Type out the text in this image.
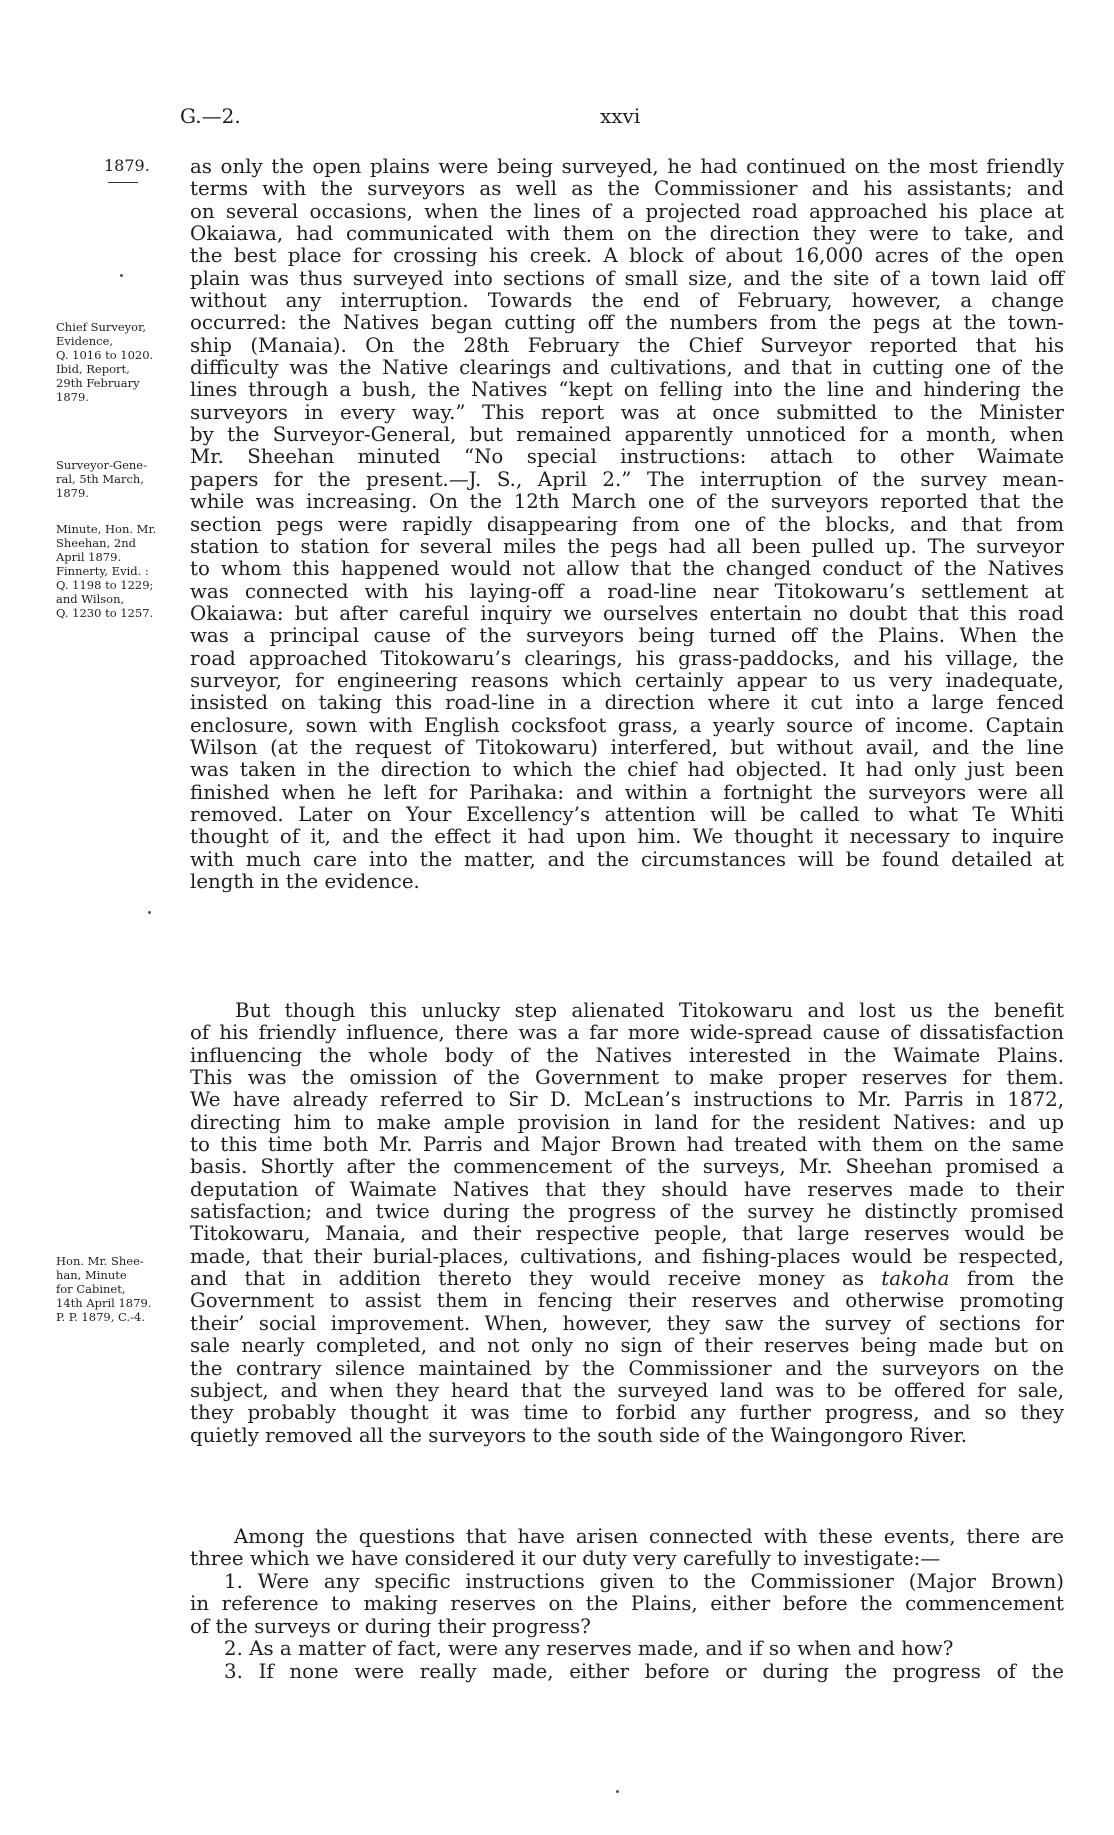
G.—2.	xxvi
1879.
Chief Surveyor,
Evidence,
Q. 1016 to 1020.
Ibid, Report,
29th February
1879.
Surveyor-Gene-
ral, 5th March,
1879.
Minute, Hon. Mr.
Sheehan, 2nd
April 1879.
Finnerty, Evid. :
Q. 1198 to 1229;
and Wilson,
Q. 1230 to 1257.
Hon. Mr. Shee-
han, Minute
for Cabinet,
14th April 1879.
P. P. 1879, C.-4.
as only the open plains were being surveyed, he had continued on the most friendly
terms with the surveyors as well as the Commissioner and his assistants; and
on several occasions, when the lines of a projected road approached his place at
Okaiawa, had communicated with them on the direction they were to take, and
the best place for crossing his creek. A block of about 16,000 acres of the open
plain was thus surveyed into sections of small size, and the site of a town laid off
without any interruption. Towards the end of February, however, a change
occurred: the Natives began cutting off the numbers from the pegs at the town-
ship (Manaia). On the 28th February the Chief Surveyor reported that his
difficulty was the Native clearings and cultivations, and that in cutting one of the
lines through a bush, the Natives “kept on felling into the line and hindering the
surveyors in every way.” This report was at once submitted to the Minister
by the Surveyor-General, but remained apparently unnoticed for a month, when
Mr. Sheehan minuted “No special instructions: attach to other Waimate
papers for the present.—J. S., April 2.” The interruption of the survey mean-
while was increasing. On the 12th March one of the surveyors reported that the
section pegs were rapidly disappearing from one of the blocks, and that from
station to station for several miles the pegs had all been pulled up. The surveyor
to whom this happened would not allow that the changed conduct of the Natives
was connected with his laying-off a road-line near Titokowaru’s settlement at
Okaiawa: but after careful inquiry we ourselves entertain no doubt that this road
was a principal cause of the surveyors being turned off the Plains. When the
road approached Titokowaru’s clearings, his grass-paddocks, and his village, the
surveyor, for engineering reasons which certainly appear to us very inadequate,
insisted on taking this road-line in a direction where it cut into a large fenced
enclosure, sown with English cocksfoot grass, a yearly source of income. Captain
Wilson (at the request of Titokowaru) interfered, but without avail, and the line
was taken in the direction to which the chief had objected. It had only just been
finished when he left for Parihaka: and within a fortnight the surveyors were all
removed. Later on Your Excellency’s attention will be called to what Te Whiti
thought of it, and the effect it had upon him. We thought it necessary to inquire
with much care into the matter, and the circumstances will be found detailed at
length in the evidence.
But though this unlucky step alienated Titokowaru and lost us the benefit
of his friendly influence, there was a far more wide-spread cause of dissatisfaction
influencing the whole body of the Natives interested in the Waimate Plains.
This was the omission of the Government to make proper reserves for them.
We have already referred to Sir D. McLean’s instructions to Mr. Parris in 1872,
directing him to make ample provision in land for the resident Natives: and up
to this time both Mr. Parris and Major Brown had treated with them on the same
basis. Shortly after the commencement of the surveys, Mr. Sheehan promised a
deputation of Waimate Natives that they should have reserves made to their
satisfaction; and twice during the progress of the survey he distinctly promised
Titokowaru, Manaia, and their respective people, that large reserves would be
made, that their burial-places, cultivations, and fishing-places would be respected,
and that in addition thereto they would receive money as takoha from the
Government to assist them in fencing their reserves and otherwise promoting
their’ social improvement. When, however, they saw the survey of sections for
sale nearly completed, and not only no sign of their reserves being made but on
the contrary silence maintained by the Commissioner and the surveyors on the
subject, and when they heard that the surveyed land was to be offered for sale,
they probably thought it was time to forbid any further progress, and so they
quietly removed all the surveyors to the south side of the Waingongoro River.
Among the questions that have arisen connected with these events, there are
three which we have considered it our duty very carefully to investigate:—
1. Were any specific instructions given to the Commissioner (Major Brown)
in reference to making reserves on the Plains, either before the commencement
of the surveys or during their progress?
2. As a matter of fact, were any reserves made, and if so when and how?
3. If none were really made, either before or during the progress of the
